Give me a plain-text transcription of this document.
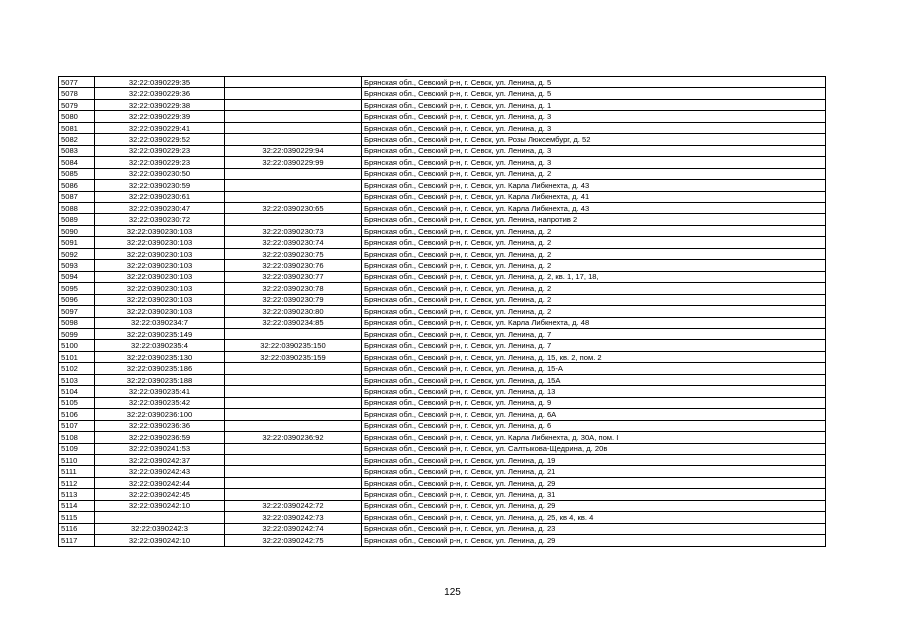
5077	32:22:0390229:35		Брянская обл., Севский р-н, г. Севск, ул. Ленина, д. 5
5078	32:22:0390229:36		Брянская обл., Севский р-н, г. Севск, ул. Ленина, д. 5
5079	32:22:0390229:38		Брянская обл., Севский р-н, г. Севск, ул. Ленина, д. 1
5080	32:22:0390229:39		Брянская обл., Севский р-н, г. Севск, ул. Ленина, д. 3
5081	32:22:0390229:41		Брянская обл., Севский р-н, г. Севск, ул. Ленина, д. 3
5082	32:22:0390229:52		Брянская обл., Севский р-н, г. Севск, ул. Розы Люксембург, д. 52
5083	32:22:0390229:23	32:22:0390229:94	Брянская обл., Севский р-н, г. Севск, ул. Ленина, д. 3
5084	32:22:0390229:23	32:22:0390229:99	Брянская обл., Севский р-н, г. Севск, ул. Ленина, д. 3
5085	32:22:0390230:50		Брянская обл., Севский р-н, г. Севск, ул. Ленина, д. 2
5086	32:22:0390230:59		Брянская обл., Севский р-н, г. Севск, ул. Карла Либкнехта, д. 43
5087	32:22:0390230:61		Брянская обл., Севский р-н, г. Севск, ул. Карла Либкнехта, д. 41
5088	32:22:0390230:47	32:22:0390230:65	Брянская обл., Севский р-н, г. Севск, ул. Карла Либкнехта, д. 43
5089	32:22:0390230:72		Брянская обл., Севский р-н, г. Севск, ул. Ленина, напротив 2
5090	32:22:0390230:103	32:22:0390230:73	Брянская обл., Севский р-н, г. Севск, ул. Ленина, д. 2
5091	32:22:0390230:103	32:22:0390230:74	Брянская обл., Севский р-н, г. Севск, ул. Ленина, д. 2
5092	32:22:0390230:103	32:22:0390230:75	Брянская обл., Севский р-н, г. Севск, ул. Ленина, д. 2
5093	32:22:0390230:103	32:22:0390230:76	Брянская обл., Севский р-н, г. Севск, ул. Ленина, д. 2
5094	32:22:0390230:103	32:22:0390230:77	Брянская обл., Севский р-н, г. Севск, ул. Ленина, д. 2, кв. 1, 17, 18,
5095	32:22:0390230:103	32:22:0390230:78	Брянская обл., Севский р-н, г. Севск, ул. Ленина, д. 2
5096	32:22:0390230:103	32:22:0390230:79	Брянская обл., Севский р-н, г. Севск, ул. Ленина, д. 2
5097	32:22:0390230:103	32:22:0390230:80	Брянская обл., Севский р-н, г. Севск, ул. Ленина, д. 2
5098	32:22:0390234:7	32:22:0390234:85	Брянская обл., Севский р-н, г. Севск, ул. Карла Либкнехта, д. 48
5099	32:22:0390235:149		Брянская обл., Севский р-н, г. Севск, ул. Ленина, д. 7
5100	32:22:0390235:4	32:22:0390235:150	Брянская обл., Севский р-н, г. Севск, ул. Ленина, д. 7
5101	32:22:0390235:130	32:22:0390235:159	Брянская обл., Севский р-н, г. Севск, ул. Ленина, д. 15, кв. 2, пом. 2
5102	32:22:0390235:186		Брянская обл., Севский р-н, г. Севск, ул. Ленина, д. 15-А
5103	32:22:0390235:188		Брянская обл., Севский р-н, г. Севск, ул. Ленина, д. 15А
5104	32:22:0390235:41		Брянская обл., Севский р-н, г. Севск, ул. Ленина, д. 13
5105	32:22:0390235:42		Брянская обл., Севский р-н, г. Севск, ул. Ленина, д. 9
5106	32:22:0390236:100		Брянская обл., Севский р-н, г. Севск, ул. Ленина, д. 6А
5107	32:22:0390236:36		Брянская обл., Севский р-н, г. Севск, ул. Ленина, д. 6
5108	32:22:0390236:59	32:22:0390236:92	Брянская обл., Севский р-н, г. Севск, ул. Карла Либкнехта, д. 30А, пом. I
5109	32:22:0390241:53		Брянская обл., Севский р-н, г. Севск, ул. Салтыкова-Щедрина, д. 20в
5110	32:22:0390242:37		Брянская обл., Севский р-н, г. Севск, ул. Ленина, д. 19
5111	32:22:0390242:43		Брянская обл., Севский р-н, г. Севск, ул. Ленина, д. 21
5112	32:22:0390242:44		Брянская обл., Севский р-н, г. Севск, ул. Ленина, д. 29
5113	32:22:0390242:45		Брянская обл., Севский р-н, г. Севск, ул. Ленина, д. 31
5114	32:22:0390242:10	32:22:0390242:72	Брянская обл., Севский р-н, г. Севск, ул. Ленина, д. 29
5115		32:22:0390242:73	Брянская обл., Севский р-н, г. Севск, ул. Ленина, д. 25, кв 4, кв. 4
5116	32:22:0390242:3	32:22:0390242:74	Брянская обл., Севский р-н, г. Севск, ул. Ленина, д. 23
5117	32:22:0390242:10	32:22:0390242:75	Брянская обл., Севский р-н, г. Севск, ул. Ленина, д. 29
125
